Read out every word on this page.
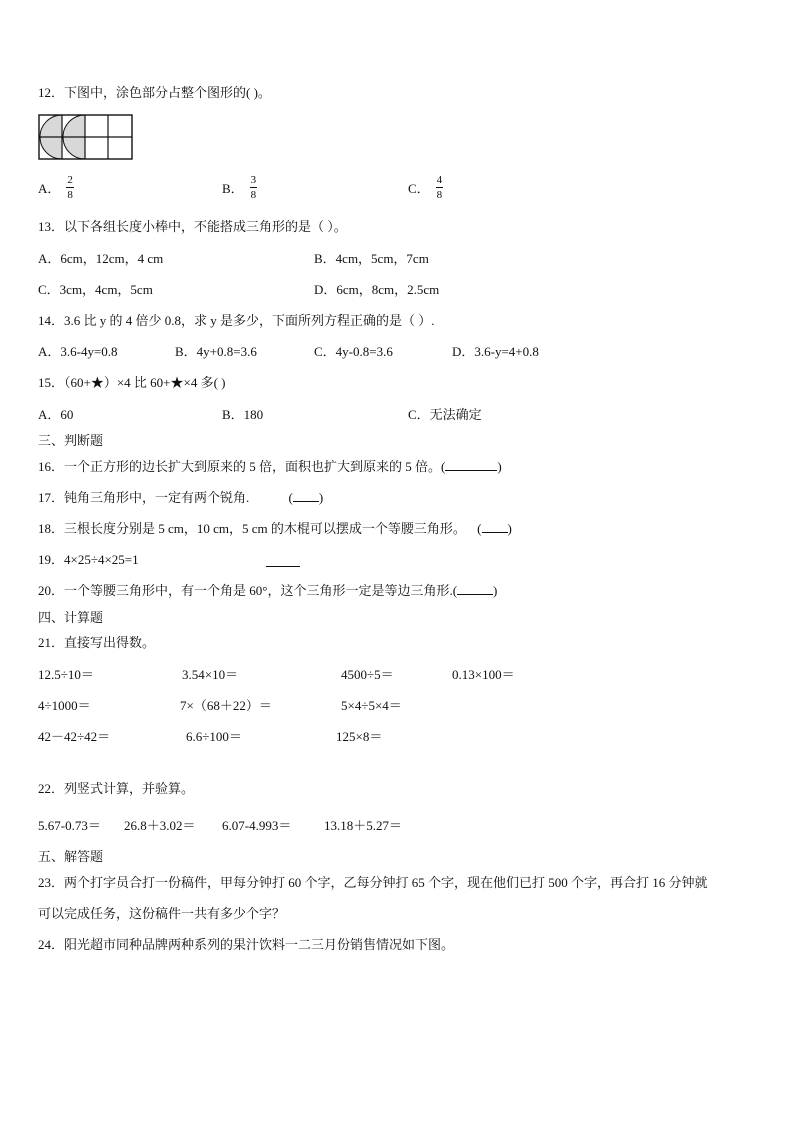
12．下图中，涂色部分占整个图形的( )。
A． $\frac{2}{8}$	B． $\frac{3}{8}$	C． $\frac{4}{8}$
13．以下各组长度小棒中，不能搭成三角形的是（ ）。
A．6cm，12cm，4 cm	B．4cm，5cm，7cm
C．3cm，4cm，5cm	D．6cm，8cm，2.5cm
14．3.6 比 y 的 4 倍少 0.8，求 y 是多少，下面所列方程正确的是（ ）.
A．3.6-4y=0.8	B．4y+0.8=3.6	C．4y-0.8=3.6	D．3.6-y=4+0.8
15．（60+★）×4 比 60+★×4 多( )
A．60	B．180	C．无法确定
三、判断题
16．一个正方形的边长扩大到原来的 5 倍，面积也扩大到原来的 5 倍。(	)
17．钝角三角形中，一定有两个锐角.	( )
18．三根长度分别是 5 cm，10 cm，5 cm 的木棍可以摆成一个等腰三角形。 ( )
19．4×25÷4×25=1
20．一个等腰三角形中，有一个角是 60°，这个三角形一定是等边三角形.(	)
四、计算题
21．直接写出得数。
12.5÷10＝	3.54×10＝	4500÷5＝	0.13×100＝
4÷1000＝	7×（68＋22）＝	5×4÷5×4＝
42－42÷42＝	6.6÷100＝	125×8＝
22．列竖式计算，并验算。
5.67-0.73＝ 26.8＋3.02＝ 6.07-4.993＝	13.18＋5.27＝
五、解答题
23．两个打字员合打一份稿件，甲每分钟打 60 个字，乙每分钟打 65 个字，现在他们已打 500 个字，再合打 16 分钟就
可以完成任务，这份稿件一共有多少个字？
24．阳光超市同种品牌两种系列的果汁饮料一二三月份销售情况如下图。
